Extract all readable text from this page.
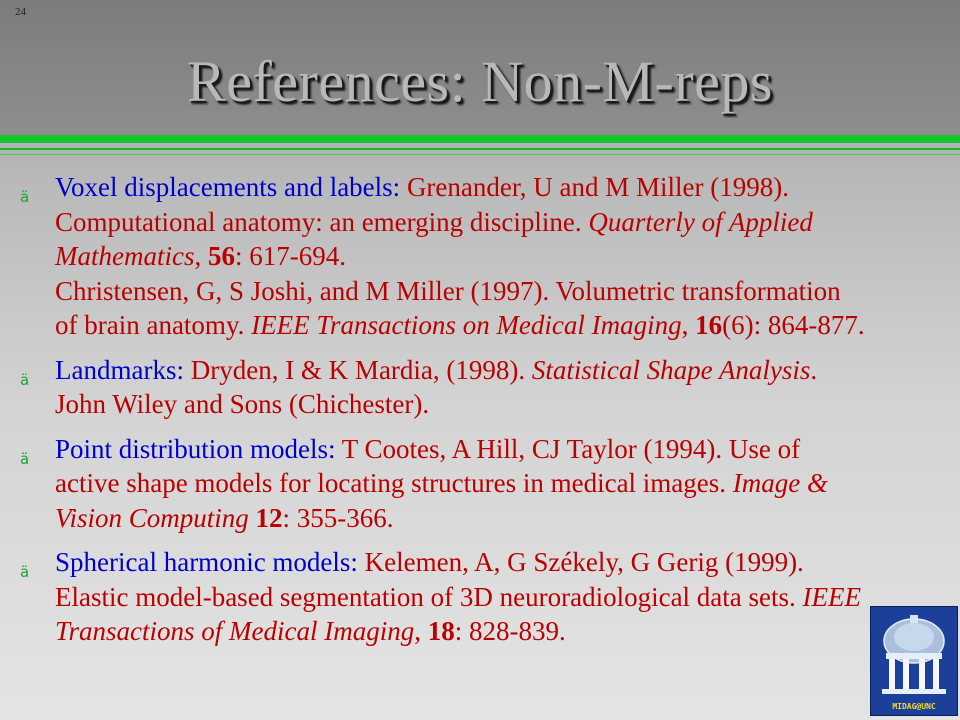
24
References: Non-M-reps
ä Voxel displacements and labels: Grenander, U and M Miller (1998). Computational anatomy: an emerging discipline. Quarterly of Applied Mathematics, 56: 617-694.
Christensen, G, S Joshi, and M Miller (1997). Volumetric transformation of brain anatomy. IEEE Transactions on Medical Imaging, 16(6): 864-877.
ä Landmarks: Dryden, I & K Mardia, (1998). Statistical Shape Analysis. John Wiley and Sons (Chichester).
ä Point distribution models: T Cootes, A Hill, CJ Taylor (1994). Use of active shape models for locating structures in medical images. Image & Vision Computing 12: 355-366.
ä Spherical harmonic models: Kelemen, A, G Székely, G Gerig (1999). Elastic model-based segmentation of 3D neuroradiological data sets. IEEE Transactions of Medical Imaging, 18: 828-839.
MIDAG@UNC
